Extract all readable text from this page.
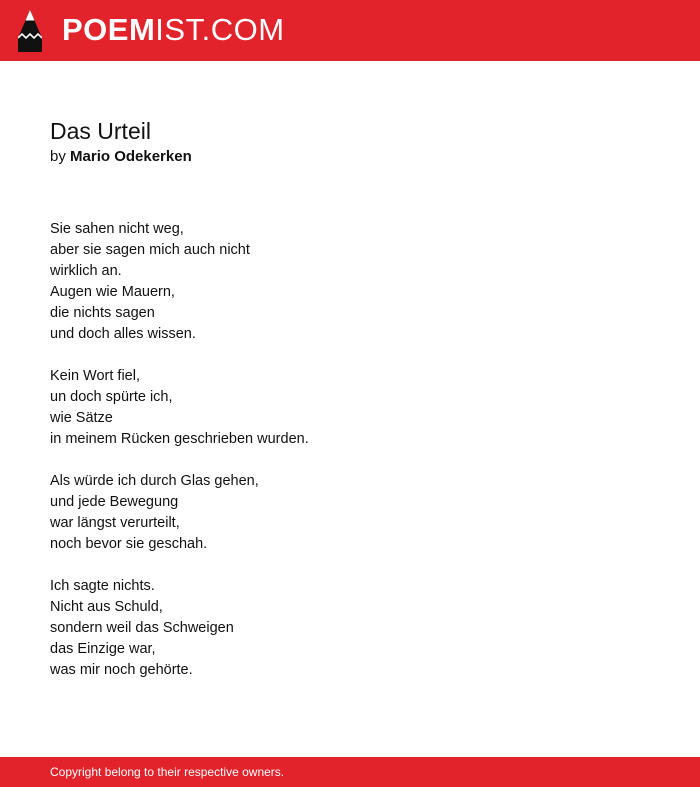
POEMIST.COM
Das Urteil

by Mario Odekerken

Sie sahen nicht weg,
aber sie sagen mich auch nicht
wirklich an.
Augen wie Mauern,
die nichts sagen
und doch alles wissen.

Kein Wort fiel,
un doch spürte ich,
wie Sätze
in meinem Rücken geschrieben wurden.

Als würde ich durch Glas gehen,
und jede Bewegung
war längst verurteilt,
noch bevor sie geschah.

Ich sagte nichts.
Nicht aus Schuld,
sondern weil das Schweigen
das Einzige war,
was mir noch gehörte.

Copyright belong to their respective owners.
